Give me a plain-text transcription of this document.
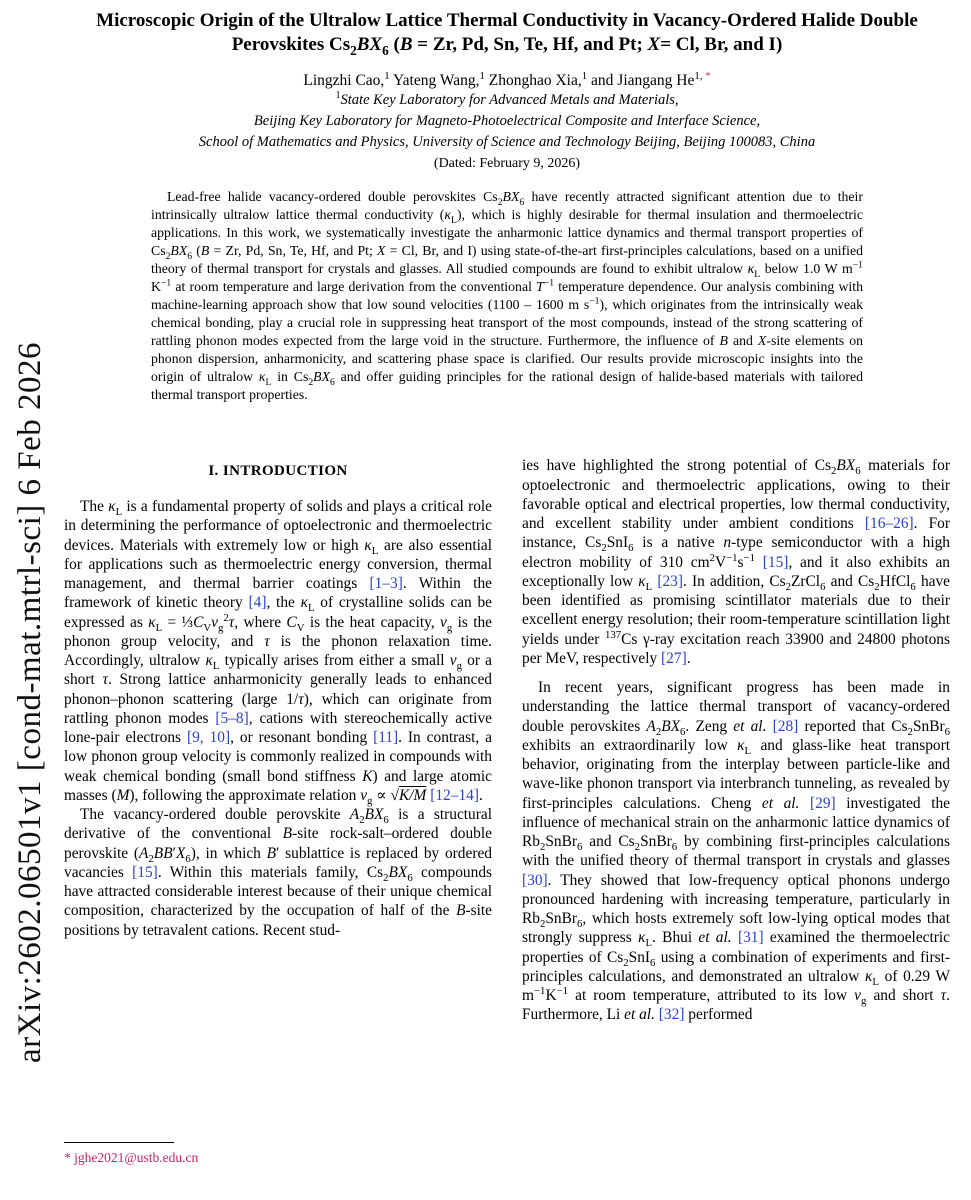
arXiv:2602.06501v1 [cond-mat.mtrl-sci] 6 Feb 2026
Microscopic Origin of the Ultralow Lattice Thermal Conductivity in Vacancy-Ordered Halide Double Perovskites $Cs_2BX_6$ (B = Zr, Pd, Sn, Te, Hf, and Pt; X= Cl, Br, and I)
Lingzhi Cao,$^1$ Yateng Wang,$^1$ Zhonghao Xia,$^1$ and Jiangang $He^{1, *}$
$^1$State Key Laboratory for Advanced Metals and Materials,
Beijing Key Laboratory for Magneto-Photoelectrical Composite and Interface Science,
School of Mathematics and Physics, University of Science and Technology Beijing, Beijing 100083, China
(Dated: February 9, 2026)
Lead-free halide vacancy-ordered double perovskites $Cs_2BX_6$ have recently attracted significant attention due to their intrinsically ultralow lattice thermal conductivity $(\kappa_L)$, which is highly desirable for thermal insulation and thermoelectric applications. In this work, we systematically investigate the anharmonic lattice dynamics and thermal transport properties of $Cs_2BX_6$ (B = Zr, Pd, Sn, Te, Hf, and Pt; X = Cl, Br, and I) using state-of-the-art first-principles calculations, based on a unified theory of thermal transport for crystals and glasses. All studied compounds are found to exhibit ultralow $\kappa_L$ below 1.0 W $m^{-1}$ $K^{-1}$ at room temperature and large derivation from the conventional $T^{-1}$ temperature dependence. Our analysis combining with machine-learning approach show that low sound velocities (1100 – 1600 m $s^{-1}$), which originates from the intrinsically weak chemical bonding, play a crucial role in suppressing heat transport of the most compounds, instead of the strong scattering of rattling phonon modes expected from the large void in the structure. Furthermore, the influence of B and X-site elements on phonon dispersion, anharmonicity, and scattering phase space is clarified. Our results provide microscopic insights into the origin of ultralow $\kappa_L$ in $Cs_2BX_6$ and offer guiding principles for the rational design of halide-based materials with tailored thermal transport properties.
I. INTRODUCTION

The $\kappa_L$ is a fundamental property of solids and plays a critical role in determining the performance of optoelectronic and thermoelectric devices. Materials with extremely low or high $\kappa_L$ are also essential for applications such as thermoelectric energy conversion, thermal management, and thermal barrier coatings [1–3]. Within the framework of kinetic theory [4], the $\kappa_L$ of crystalline solids can be expressed as $\kappa_L$ = $\frac{1}{3}C_V\nu_g^2\tau$, where $C_V$ is the heat capacity, $\nu_g$ is the phonon group velocity, and τ is the phonon relaxation time. Accordingly, ultralow $\kappa_L$ typically arises from either a small $\nu_g$ or a short τ. Strong lattice anharmonicity generally leads to enhanced phonon–phonon scattering (large 1/τ), which can originate from rattling phonon modes [5–8], cations with stereochemically active lone-pair electrons [9, 10], or resonant bonding [11]. In contrast, a low phonon group velocity is commonly realized in compounds with weak chemical bonding (small bond stiffness K) and large atomic masses (M), following the approximate relation $\nu_g \propto √K/M$ [12–14].

The vacancy-ordered double perovskite $A_2BX_6$ is a structural derivative of the conventional B-site rock-salt–ordered double perovskite $(A_2BB'X_6)$, in which B′ sublattice is replaced by ordered vacancies [15]. Within this materials family, $Cs_2BX_6$ compounds have attracted considerable interest because of their unique chemical composition, characterized by the occupation of half of the B-site positions by tetravalent cations. Recent stud-

ies have highlighted the strong potential of $Cs_2BX_6$ materials for optoelectronic and thermoelectric applications, owing to their favorable optical and electrical properties, low thermal conductivity, and excellent stability under ambient conditions [16–26]. For instance, $Cs_2SnI_6$ is a native n-type semiconductor with a high electron mobility of 310 $cm^2V^{-1}s^{-1}$ [15], and it also exhibits an exceptionally low $\kappa_L$ [23]. In addition, $Cs_2ZrCl_6$ and $Cs_2HfCl_6$ have been identified as promising scintillator materials due to their excellent energy resolution; their room-temperature scintillation light yields under $^{137}$Cs γ-ray excitation reach 33900 and 24800 photons per MeV, respectively [27].

In recent years, significant progress has been made in understanding the lattice thermal transport of vacancy-ordered double perovskites $A_2BX_6$. Zeng et al. [28] reported that $Cs_2SnBr_6$ exhibits an extraordinarily low $\kappa_L$ and glass-like heat transport behavior, originating from the interplay between particle-like and wave-like phonon transport via interbranch tunneling, as revealed by first-principles calculations. Cheng et al. [29] investigated the influence of mechanical strain on the anharmonic lattice dynamics of $Rb_2SnBr_6$ and $Cs_2SnBr_6$ by combining first-principles calculations with the unified theory of thermal transport in crystals and glasses [30]. They showed that low-frequency optical phonons undergo pronounced hardening with increasing temperature, particularly in $Rb_2SnBr_6$, which hosts extremely soft low-lying optical modes that strongly suppress $\kappa_L$. Bhui et al. [31] examined the thermoelectric properties of $Cs_2SnI_6$ using a combination of experiments and first-principles calculations, and demonstrated an ultralow $\kappa_L$ of 0.29 W $m^{-1}K^{-1}$ at room temperature, attributed to its low $\nu_g$ and short τ. Furthermore, Li et al. [32] performed

* jghe2021@ustb.edu.cn
